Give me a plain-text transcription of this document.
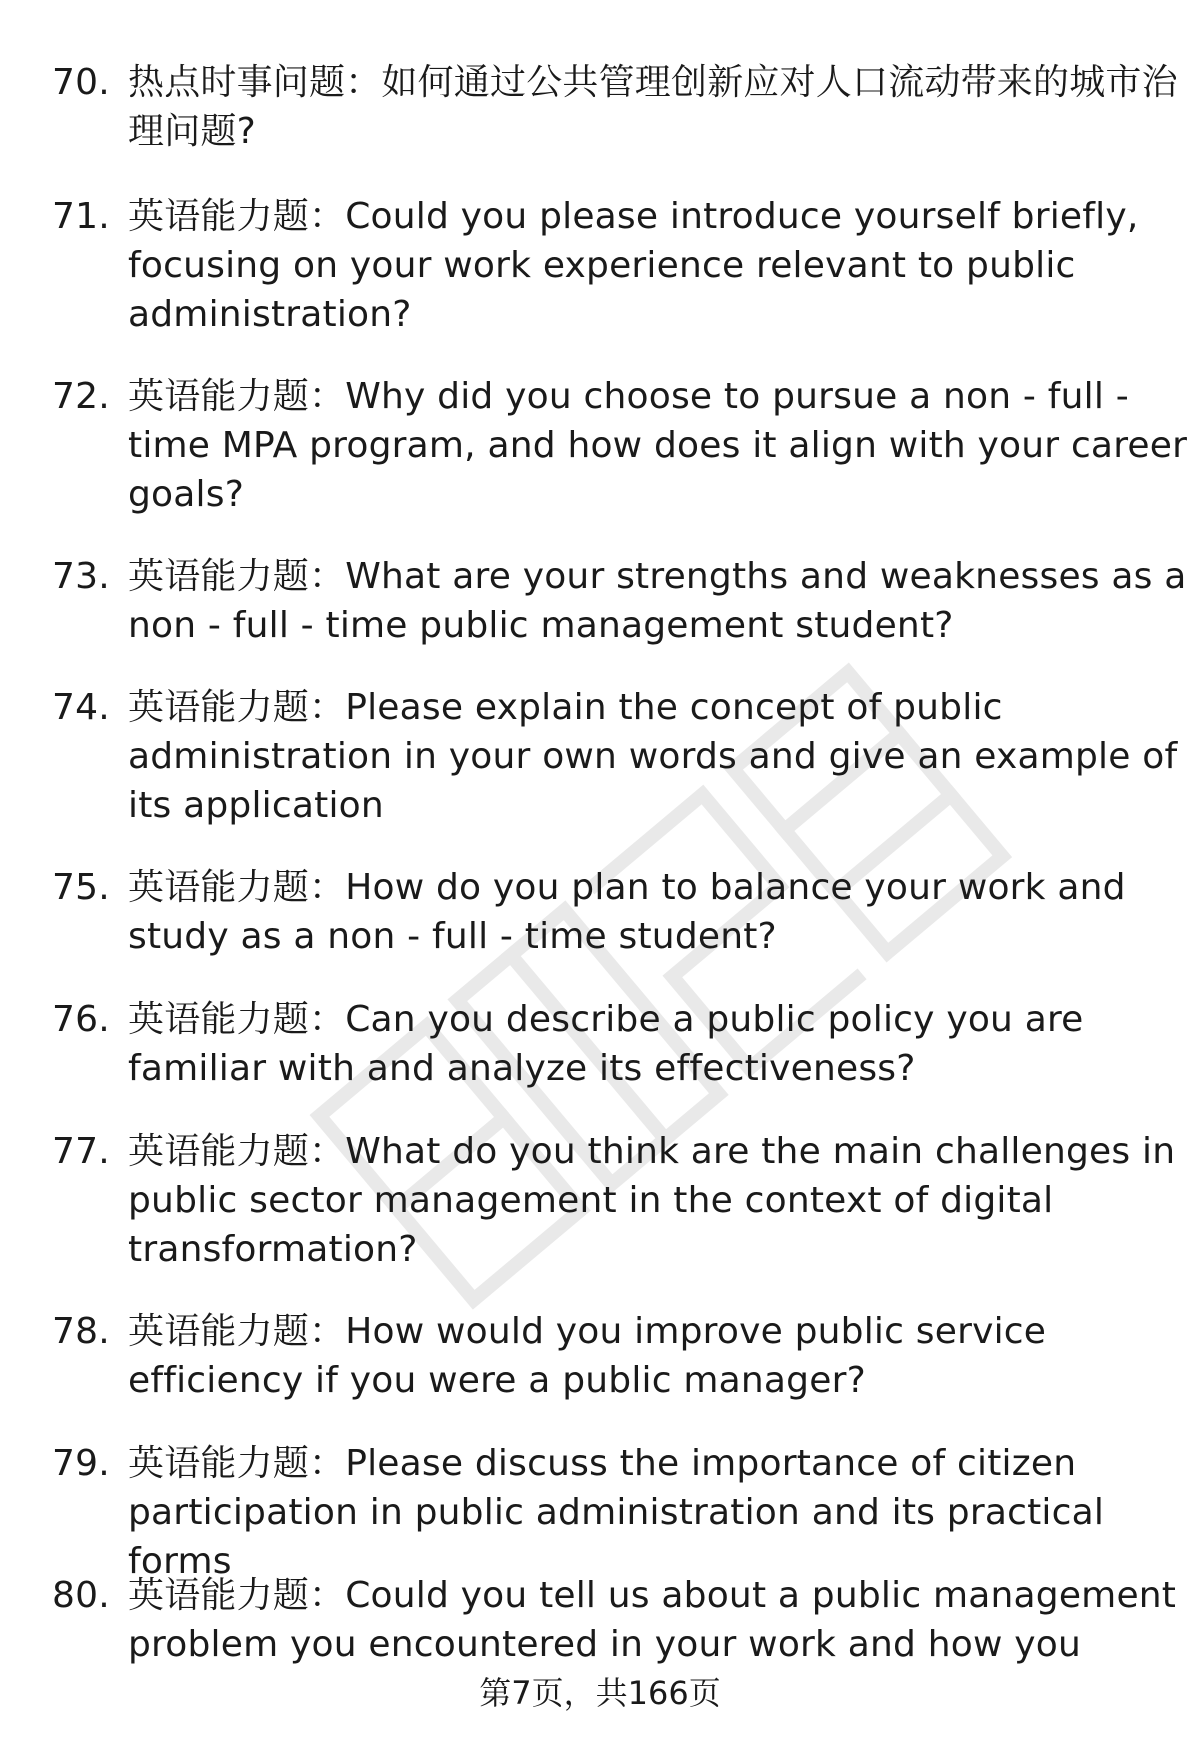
70. 热点时事问题：如何通过公共管理创新应对人口流动带来的城市治理问题?
71. 英语能力题：Could you please introduce yourself briefly, focusing on your work experience relevant to public administration?
72. 英语能力题：Why did you choose to pursue a non - full - time MPA program, and how does it align with your career goals?
73. 英语能力题：What are your strengths and weaknesses as a non - full - time public management student?
74. 英语能力题：Please explain the concept of public administration in your own words and give an example of its application
75. 英语能力题：How do you plan to balance your work and study as a non - full - time student?
76. 英语能力题：Can you describe a public policy you are familiar with and analyze its effectiveness?
77. 英语能力题：What do you think are the main challenges in public sector management in the context of digital transformation?
78. 英语能力题：How would you improve public service efficiency if you were a public manager?
79. 英语能力题：Please discuss the importance of citizen participation in public administration and its practical forms
80. 英语能力题：Could you tell us about a public management problem you encountered in your work and how you
第7页，共166页
